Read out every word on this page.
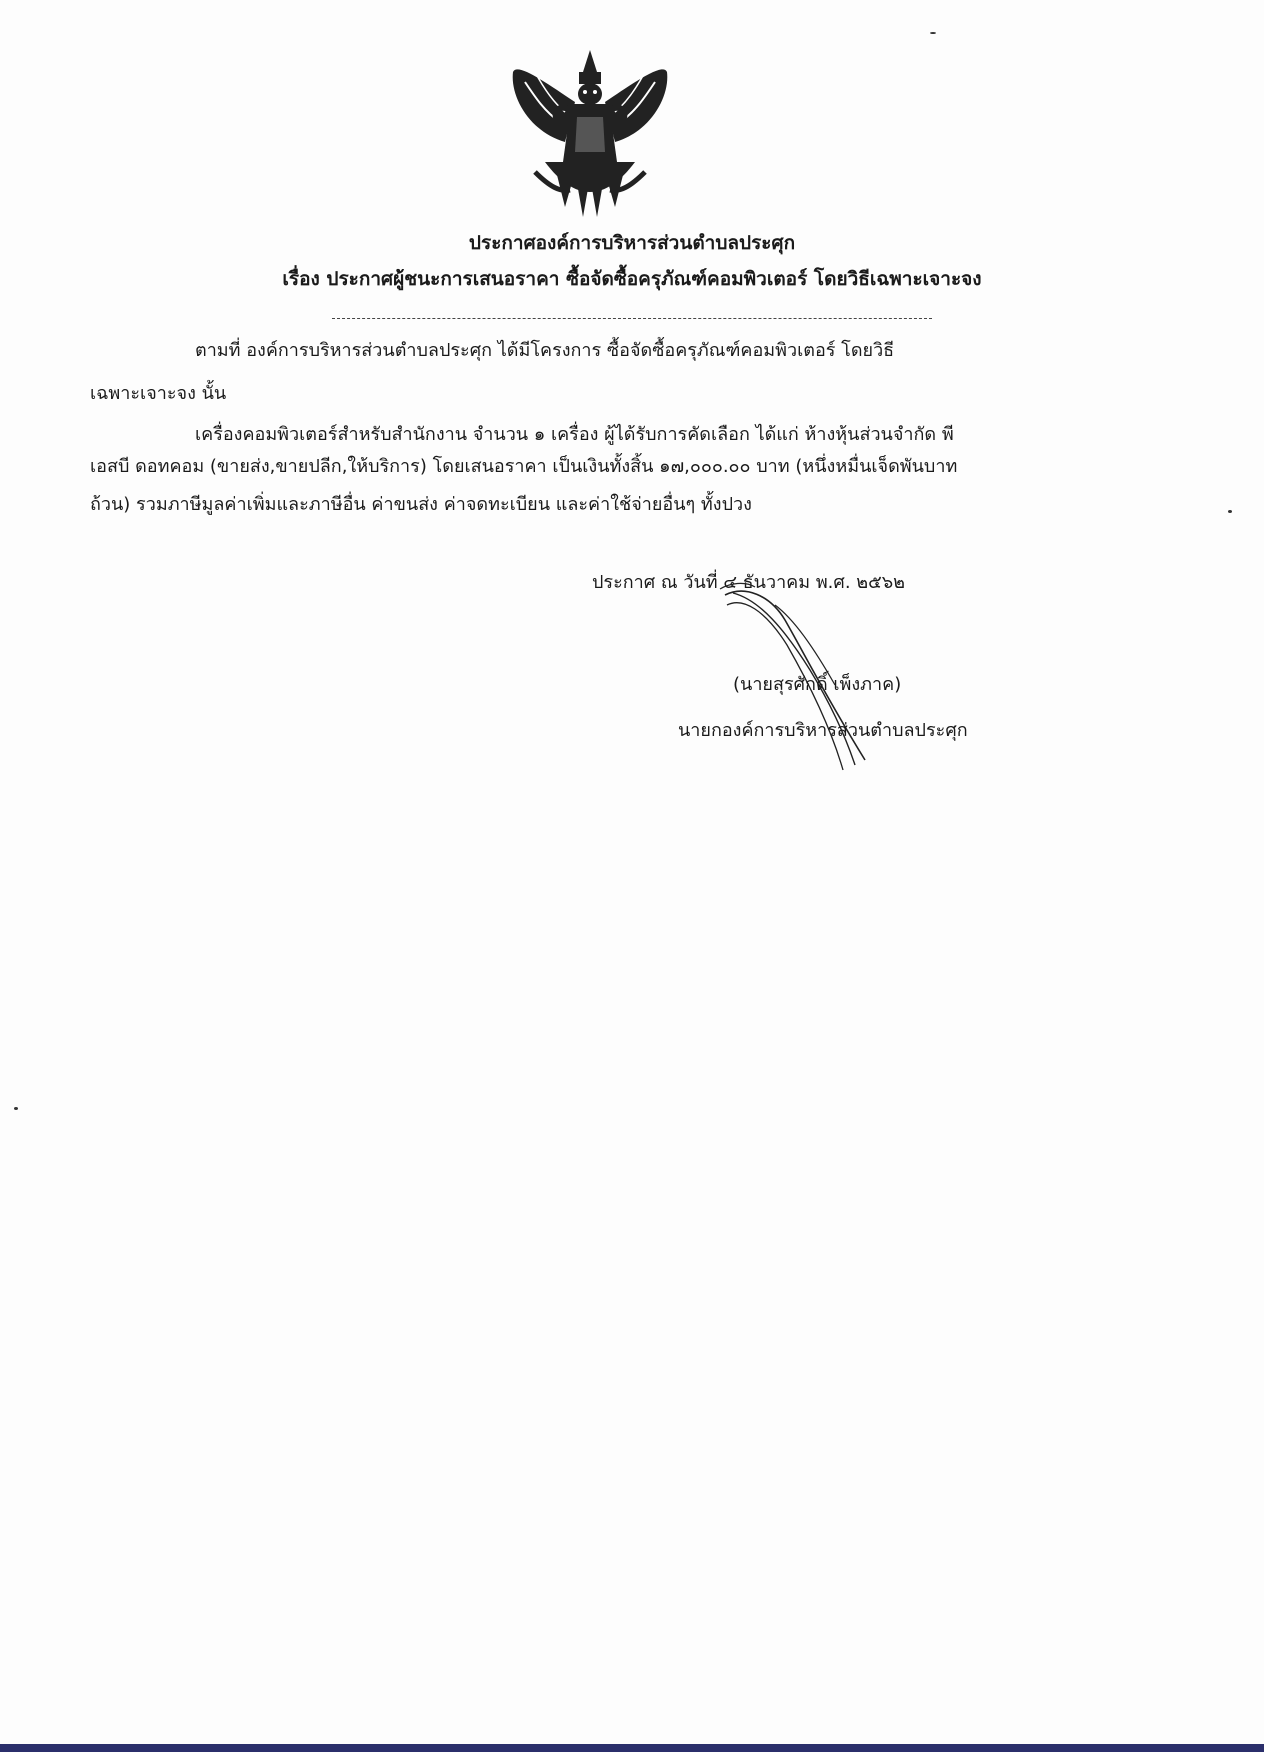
ประกาศองค์การบริหารส่วนตำบลประศุก
เรื่อง ประกาศผู้ชนะการเสนอราคา ซื้อจัดซื้อครุภัณฑ์คอมพิวเตอร์ โดยวิธีเฉพาะเจาะจง
ตามที่ องค์การบริหารส่วนตำบลประศุก ได้มีโครงการ ซื้อจัดซื้อครุภัณฑ์คอมพิวเตอร์ โดยวิธี
เฉพาะเจาะจง นั้น
เครื่องคอมพิวเตอร์สำหรับสำนักงาน จำนวน ๑ เครื่อง ผู้ได้รับการคัดเลือก ได้แก่ ห้างหุ้นส่วนจำกัด พี
เอสบี ดอทคอม (ขายส่ง,ขายปลีก,ให้บริการ) โดยเสนอราคา เป็นเงินทั้งสิ้น ๑๗,๐๐๐.๐๐ บาท (หนึ่งหมื่นเจ็ดพันบาท
ถ้วน) รวมภาษีมูลค่าเพิ่มและภาษีอื่น ค่าขนส่ง ค่าจดทะเบียน และค่าใช้จ่ายอื่นๆ ทั้งปวง
ประกาศ ณ วันที่ ๔ ธันวาคม พ.ศ. ๒๕๖๒
(นายสุรศักดิ์ เพ็งภาค)
นายกองค์การบริหารส่วนตำบลประศุก
